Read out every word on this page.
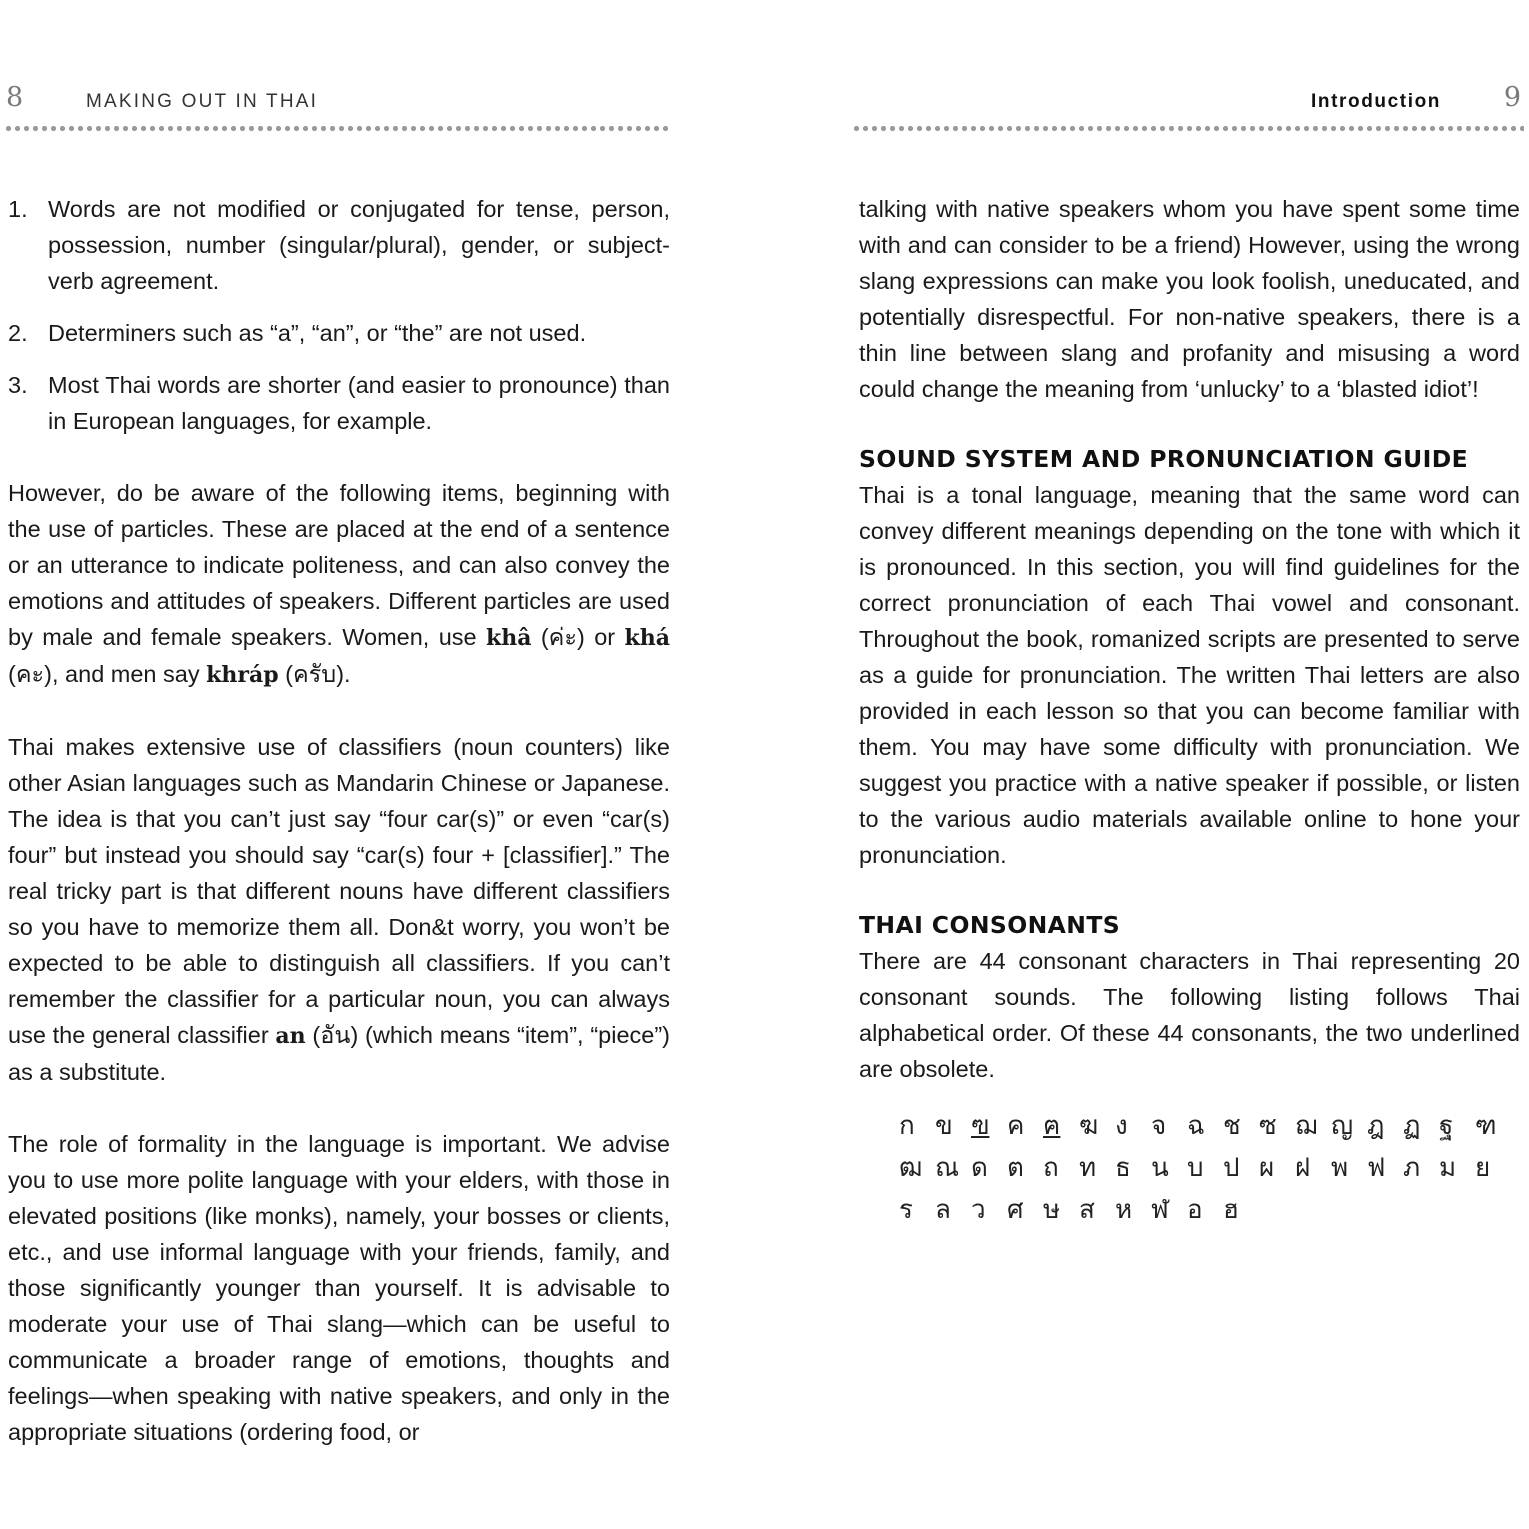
8	MAKING OUT IN THAI
1. Words are not modified or conjugated for tense, person, possession, number (singular/plural), gender, or subject-verb agreement.
2. Determiners such as “a”, “an”, or “the” are not used.
3. Most Thai words are shorter (and easier to pronounce) than in European languages, for example.

However, do be aware of the following items, beginning with the use of particles. These are placed at the end of a sentence or an utterance to indicate politeness, and can also convey the emotions and attitudes of speakers. Different particles are used by male and female speakers. Women, use khâ (ค่ะ) or khá (คะ), and men say khráp (ครับ).

Thai makes extensive use of classifiers (noun counters) like other Asian languages such as Mandarin Chinese or Japanese. The idea is that you can’t just say “four car(s)” or even “car(s) four” but instead you should say “car(s) four + [classifier].” The real tricky part is that different nouns have different classifiers so you have to memorize them all. Don&t worry, you won’t be expected to be able to distinguish all classifiers. If you can’t remember the classifier for a particular noun, you can always use the general classifier an (อัน) (which means “item”, “piece”) as a substitute.

The role of formality in the language is important. We advise you to use more polite language with your elders, with those in elevated positions (like monks), namely, your bosses or clients, etc., and use informal language with your friends, family, and those significantly younger than yourself. It is advisable to moderate your use of Thai slang—which can be useful to communicate a broader range of emotions, thoughts and feelings—when speaking with native speakers, and only in the appropriate situations (ordering food, or

Introduction 9

talking with native speakers whom you have spent some time with and can consider to be a friend) However, using the wrong slang expressions can make you look foolish, uneducated, and potentially disrespectful. For non-native speakers, there is a thin line between slang and profanity and misusing a word could change the meaning from ‘unlucky’ to a ‘blasted idiot’!

SOUND SYSTEM AND PRONUNCIATION GUIDE

Thai is a tonal language, meaning that the same word can convey different meanings depending on the tone with which it is pronounced. In this section, you will find guidelines for the correct pronunciation of each Thai vowel and consonant. Throughout the book, romanized scripts are presented to serve as a guide for pronunciation. The written Thai letters are also provided in each lesson so that you can become familiar with them. You may have some difficulty with pronunciation. We suggest you practice with a native speaker if possible, or listen to the various audio materials available online to hone your pronunciation.

THAI CONSONANTS

There are 44 consonant characters in Thai representing 20 consonant sounds. The following listing follows Thai alphabetical order. Of these 44 consonants, the two underlined are obsolete.

ก ข ฃ ค ฅ ฆ ง จ ฉ ช ซ ฌ ญ ฎ ฏ ฐ ฑ
ฒ ณ ด ต ถ ท ธ น บ ป ผ ฝ พ ฟ ภ ม ย
ร ล ว ศ ษ ส ห ฬ อ ฮ
